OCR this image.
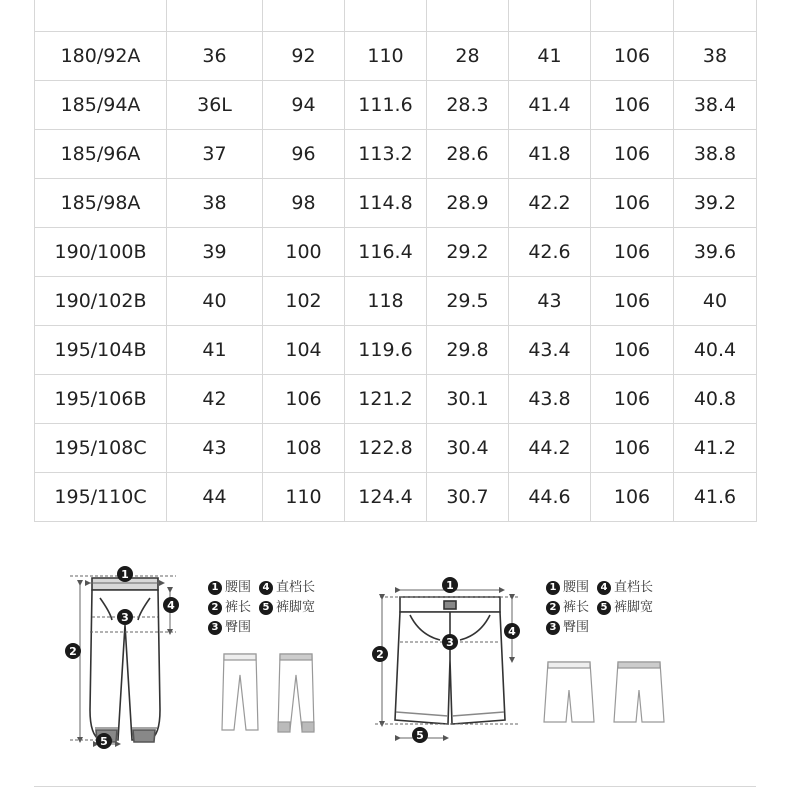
180/92A	36	92	110	28	41	106	38
185/94A	36L	94	111.6	28.3	41.4	106	38.4
185/96A	37	96	113.2	28.6	41.8	106	38.8
185/98A	38	98	114.8	28.9	42.2	106	39.2
190/100B	39	100	116.4	29.2	42.6	106	39.6
190/102B	40	102	118	29.5	43	106	40
195/104B	41	104	119.6	29.8	43.4	106	40.4
195/106B	42	106	121.2	30.1	43.8	106	40.8
195/108C	43	108	122.8	30.4	44.2	106	41.2
195/110C	44	110	124.4	30.7	44.6	106	41.6
1
2
3
4
5
1
2
3
4
5
1 腰围	4 直档长
2 裤长	5 裤脚宽
3 臀围
1 腰围	4 直档长
2 裤长	5 裤脚宽
3 臀围
